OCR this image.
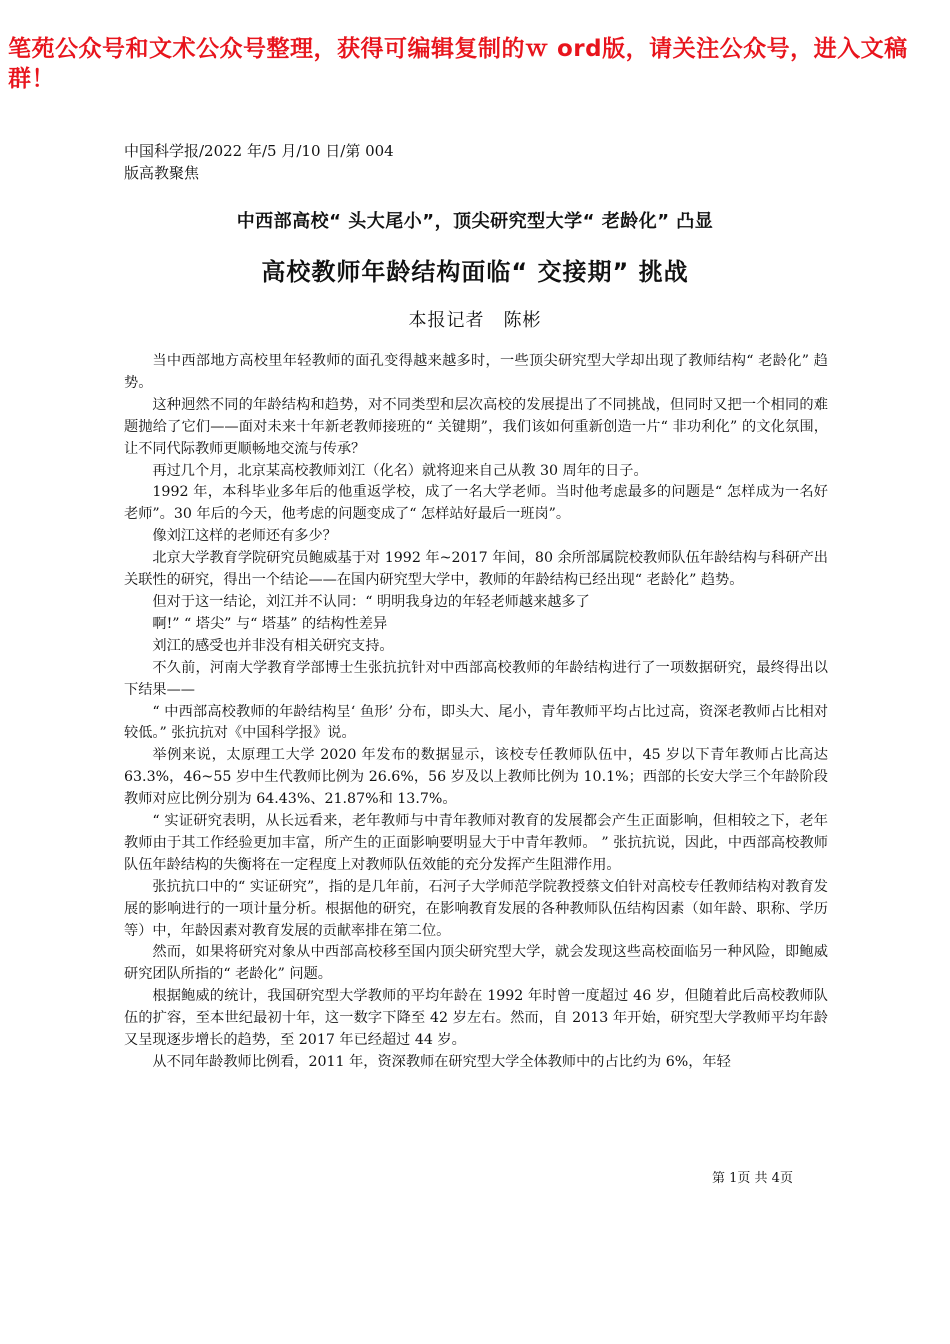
笔苑公众号和文术公众号整理，获得可编辑复制的ｗ ord版，请关注公众号，进入文稿群！
中国科学报/2022 年/5 月/10 日/第 004
版高教聚焦
中西部高校“ 头大尾小”，顶尖研究型大学“ 老龄化” 凸显
高校教师年龄结构面临“ 交接期” 挑战
本报记者　陈彬

当中西部地方高校里年轻教师的面孔变得越来越多时，一些顶尖研究型大学却出现了教师结构“ 老龄化” 趋势。

这种迥然不同的年龄结构和趋势，对不同类型和层次高校的发展提出了不同挑战，但同时又把一个相同的难题抛给了它们——面对未来十年新老教师接班的“ 关键期”，我们该如何重新创造一片“ 非功利化” 的文化氛围，让不同代际教师更顺畅地交流与传承？

再过几个月，北京某高校教师刘江（化名）就将迎来自己从教 30 周年的日子。

1992 年，本科毕业多年后的他重返学校，成了一名大学老师。当时他考虑最多的问题是“ 怎样成为一名好老师”。30 年后的今天，他考虑的问题变成了“ 怎样站好最后一班岗”。

像刘江这样的老师还有多少？

北京大学教育学院研究员鲍威基于对 1992 年~2017 年间，80 余所部属院校教师队伍年龄结构与科研产出关联性的研究，得出一个结论——在国内研究型大学中，教师的年龄结构已经出现“ 老龄化” 趋势。

但对于这一结论，刘江并不认同：“ 明明我身边的年轻老师越来越多了

啊!” “ 塔尖” 与“ 塔基” 的结构性差异

刘江的感受也并非没有相关研究支持。

不久前，河南大学教育学部博士生张抗抗针对中西部高校教师的年龄结构进行了一项数据研究，最终得出以下结果——

“ 中西部高校教师的年龄结构呈‘ 鱼形’ 分布，即头大、尾小，青年教师平均占比过高，资深老教师占比相对较低。” 张抗抗对《中国科学报》说。

举例来说，太原理工大学 2020 年发布的数据显示，该校专任教师队伍中，45 岁以下青年教师占比高达 63.3%，46~55 岁中生代教师比例为 26.6%，56 岁及以上教师比例为 10.1%；西部的长安大学三个年龄阶段教师对应比例分别为 64.43%、21.87%和 13.7%。

“ 实证研究表明，从长远看来，老年教师与中青年教师对教育的发展都会产生正面影响，但相较之下，老年教师由于其工作经验更加丰富，所产生的正面影响要明显大于中青年教师。 ” 张抗抗说，因此，中西部高校教师队伍年龄结构的失衡将在一定程度上对教师队伍效能的充分发挥产生阻滞作用。

张抗抗口中的“ 实证研究”，指的是几年前，石河子大学师范学院教授蔡文伯针对高校专任教师结构对教育发展的影响进行的一项计量分析。根据他的研究，在影响教育发展的各种教师队伍结构因素（如年龄、职称、学历等）中，年龄因素对教育发展的贡献率排在第二位。

然而，如果将研究对象从中西部高校移至国内顶尖研究型大学，就会发现这些高校面临另一种风险，即鲍威研究团队所指的“ 老龄化” 问题。

根据鲍威的统计，我国研究型大学教师的平均年龄在 1992 年时曾一度超过 46 岁，但随着此后高校教师队伍的扩容，至本世纪最初十年，这一数字下降至 42 岁左右。然而，自 2013 年开始，研究型大学教师平均年龄又呈现逐步增长的趋势，至 2017 年已经超过 44 岁。

从不同年龄教师比例看，2011 年，资深教师在研究型大学全体教师中的占比约为 6%，年轻

第 1页 共 4页
